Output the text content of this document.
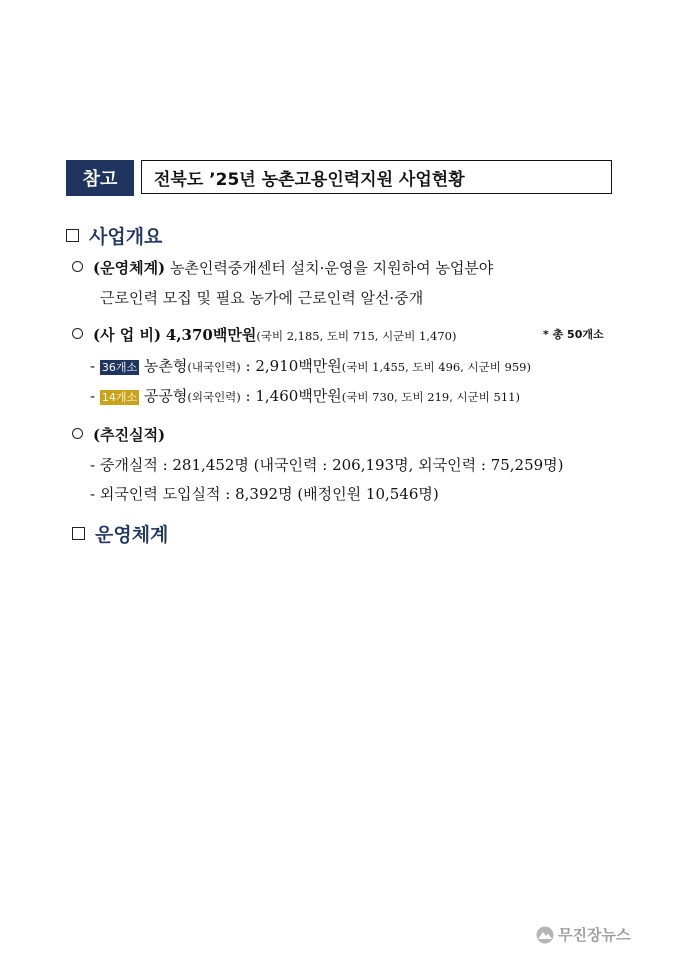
참고	전북도 ’25년 농촌고용인력지원 사업현황
사업개요
(운영체계) 농촌인력중개센터 설치·운영을 지원하여 농업분야
근로인력 모집 및 필요 농가에 근로인력 알선·중개
(사 업 비) 4,370백만원(국비 2,185, 도비 715, 시군비 1,470)	* 총 50개소
- 36개소 농촌형(내국인력) : 2,910백만원(국비 1,455, 도비 496, 시군비 959)
- 14개소 공공형(외국인력) : 1,460백만원(국비 730, 도비 219, 시군비 511)
(추진실적)
- 중개실적 : 281,452명 (내국인력 : 206,193명, 외국인력 : 75,259명)
- 외국인력 도입실적 : 8,392명 (배정인원 10,546명)
운영체계
무진장뉴스
